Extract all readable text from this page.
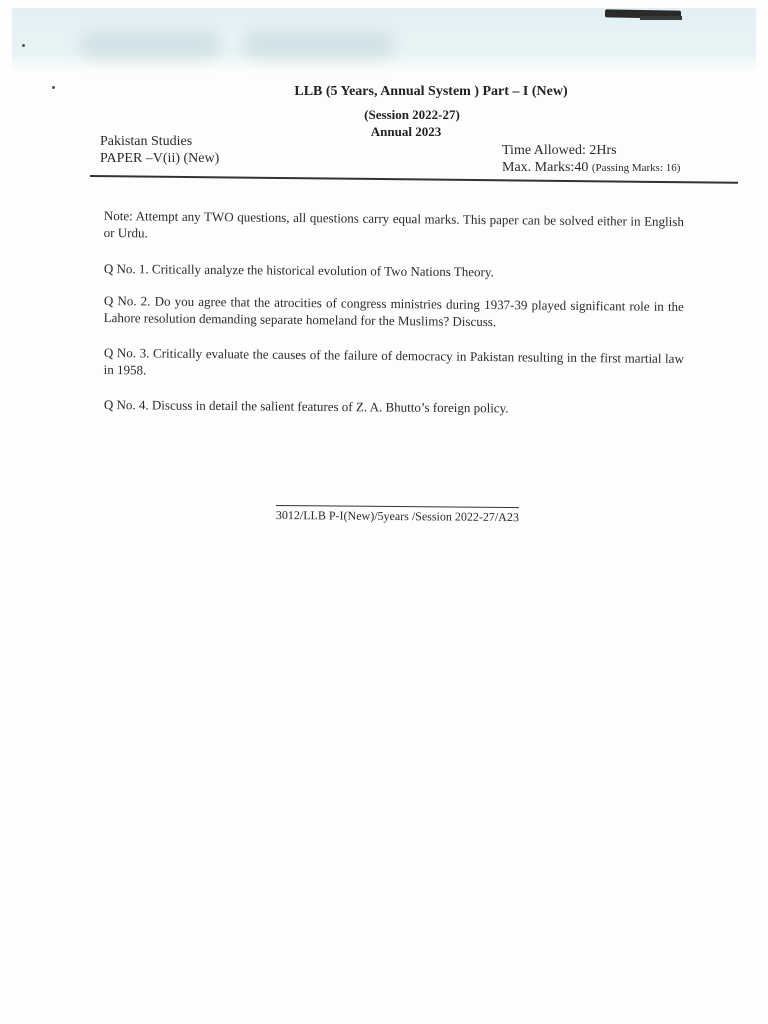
LLB (5 Years, Annual System ) Part – I (New)
(Session 2022-27)
Annual 2023
Pakistan Studies
PAPER –V(ii) (New)
Time Allowed: 2Hrs
Max. Marks:40 (Passing Marks: 16)
Note: Attempt any TWO questions, all questions carry equal marks. This paper can be solved either in English or Urdu.
Q No. 1. Critically analyze the historical evolution of Two Nations Theory.
Q No. 2. Do you agree that the atrocities of congress ministries during 1937-39 played significant role in the Lahore resolution demanding separate homeland for the Muslims? Discuss.
Q No. 3. Critically evaluate the causes of the failure of democracy in Pakistan resulting in the first martial law in 1958.
Q No. 4. Discuss in detail the salient features of Z. A. Bhutto’s foreign policy.
3012/LLB P-I(New)/5years /Session 2022-27/A23
